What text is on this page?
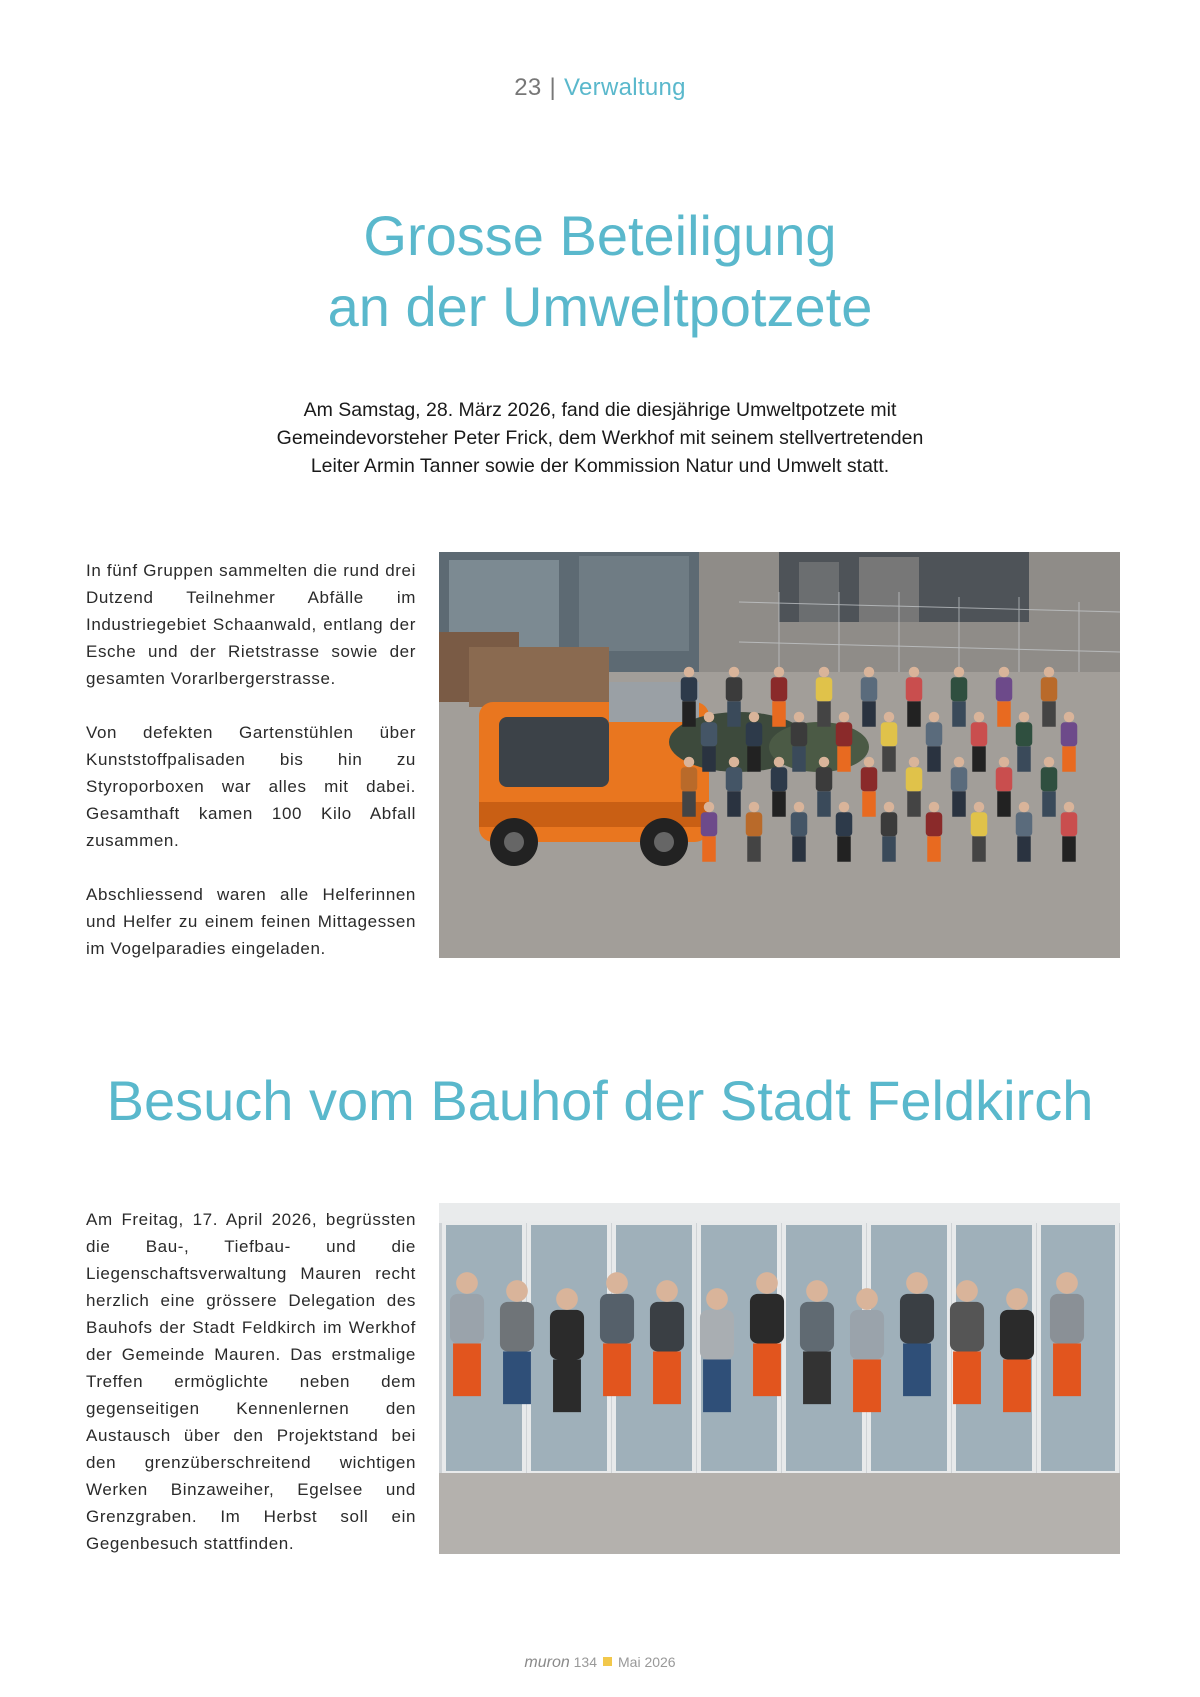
23 | Verwaltung
Grosse Beteiligung
an der Umweltpotzete

Am Samstag, 28. März 2026, fand die diesjährige Umweltpotzete mit
Gemeindevorsteher Peter Frick, dem Werkhof mit seinem stellvertretenden
Leiter Armin Tanner sowie der Kommission Natur und Umwelt statt.

In fünf Gruppen sammelten die rund drei Dutzend Teilnehmer Abfälle im Industriegebiet Schaanwald, entlang der Esche und der Rietstrasse sowie der gesamten Vorarlbergerstrasse.

Von defekten Gartenstühlen über Kunststoffpalisaden bis hin zu Styroporboxen war alles mit dabei. Gesamthaft kamen 100 Kilo Abfall zusammen.

Abschliessend waren alle Helferinnen und Helfer zu einem feinen Mittagessen im Vogelparadies eingeladen.

Besuch vom Bauhof der Stadt Feldkirch

Am Freitag, 17. April 2026, begrüssten die Bau-, Tiefbau- und die Liegenschaftsverwaltung Mauren recht herzlich eine grössere Delegation des Bauhofs der Stadt Feldkirch im Werkhof der Gemeinde Mauren. Das erstmalige Treffen ermöglichte neben dem gegenseitigen Kennenlernen den Austausch über den Projektstand bei den grenzüberschreitend wichtigen Werken Binzaweiher, Egelsee und Grenzgraben. Im Herbst soll ein Gegenbesuch stattfinden.

muron 134 Mai 2026
